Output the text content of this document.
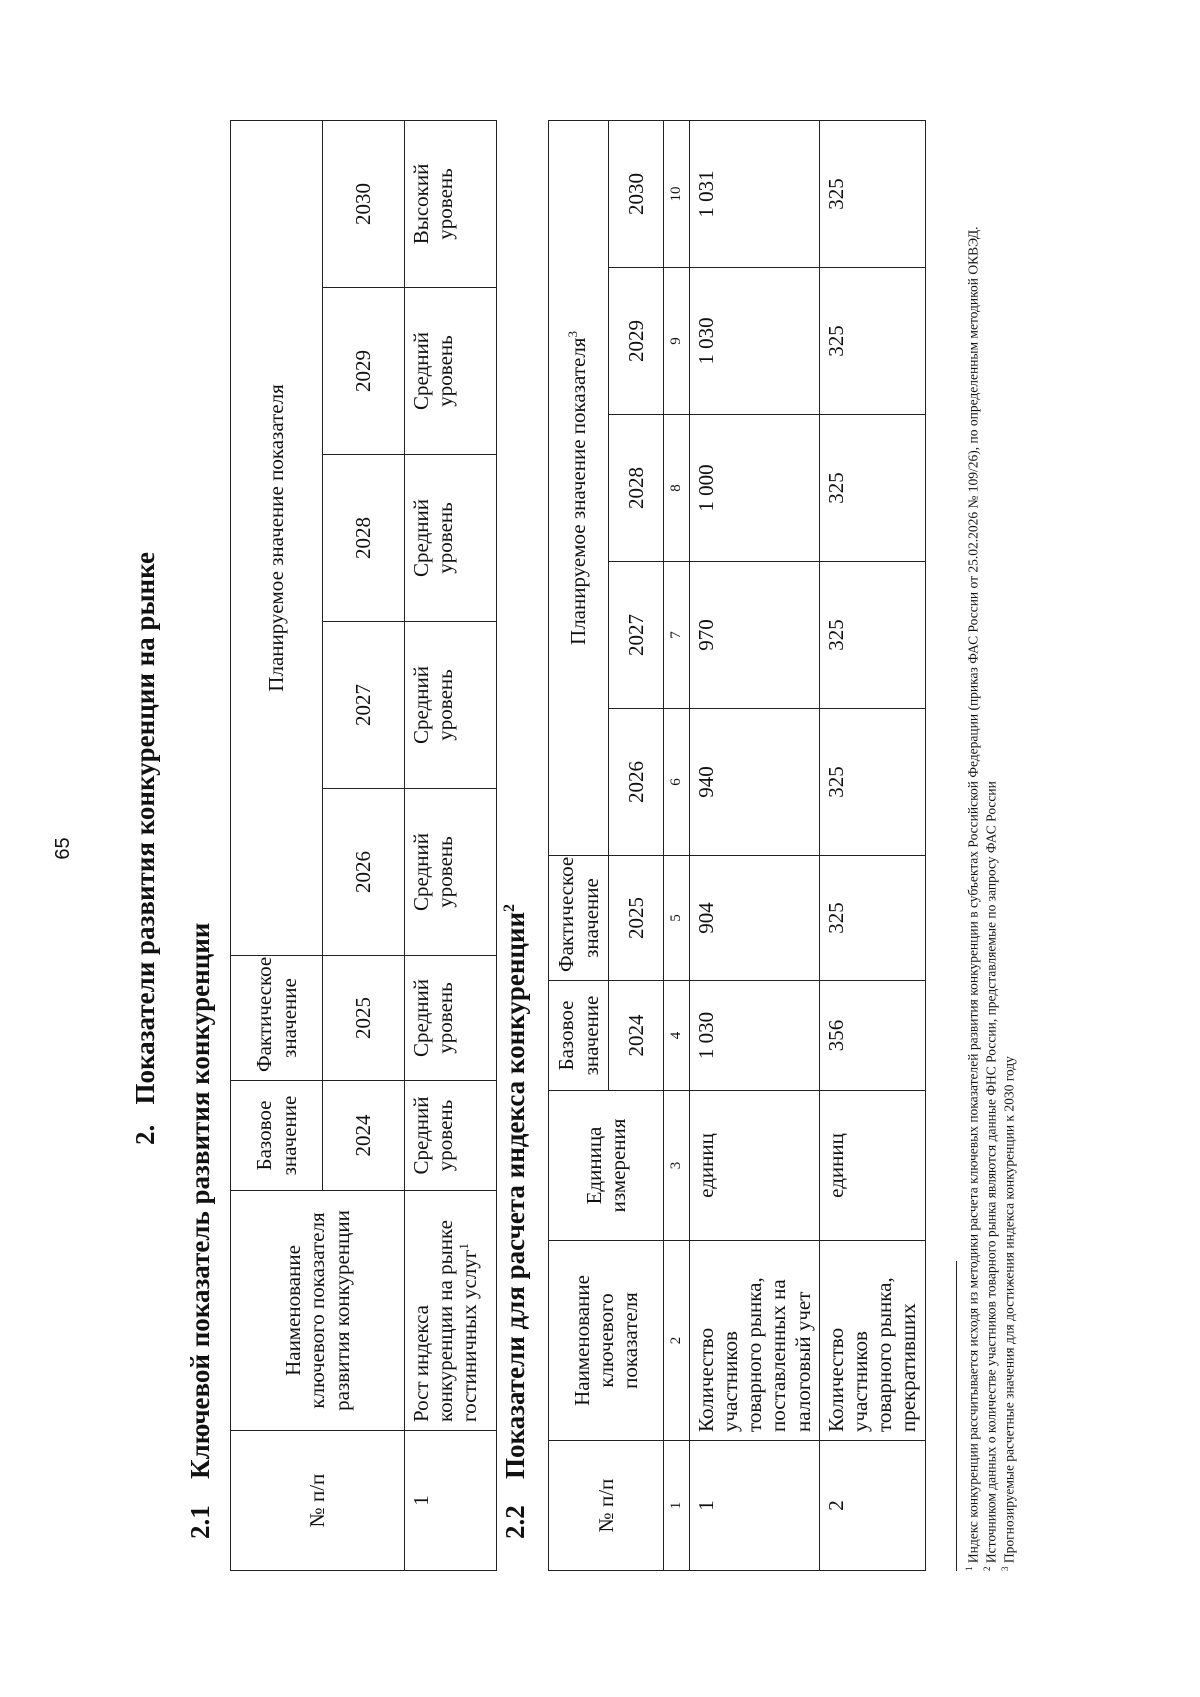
65
2.   Показатели развития конкуренции на рынке
2.1Ключевой показатель развития конкуренции
№ п/п	Наименование ключевого показателя развития конкуренции	Базовое значение	Фактическое значение	Планируемое значение показателя				
		2024	2025	2026	2027	2028	2029	2030
1	Рост индекса конкуренции на рынке гостиничных услуг$^1$	Средний уровень	Средний уровень	Средний уровень	Средний уровень	Средний уровень	Средний уровень	Высокий уровень
2.2Показатели для расчета индекса конкуренции$^2$
№ п/п	Наименование ключевого показателя	Единица измерения	Базовое значение	Фактическое значение	Планируемое значение показателя$^3$
			2024	2025	2026	2027	2028	2029	2030
1	2	3	4	5	6	7	8	9	10
1	Количество участников товарного рынка, поставленных на налоговый учет	единиц	1 030	904	940	970	1 000	1 030	1 031
2	Количество участников товарного рынка, прекративших	единиц	356	325	325	325	325	325	325

$^1$ Индекс конкуренции рассчитывается исходя из методики расчета ключевых показателей развития конкуренции в субъектах Российской Федерации (приказ ФАС России от 25.02.2026 № 109/26), по определенным методикой ОКВЭД.

$^2$ Источником данных о количестве участников товарного рынка являются данные ФНС России, представляемые по запросу ФАС России

$^3$ Прогнозируемые расчетные значения для достижения индекса конкуренции к 2030 году
